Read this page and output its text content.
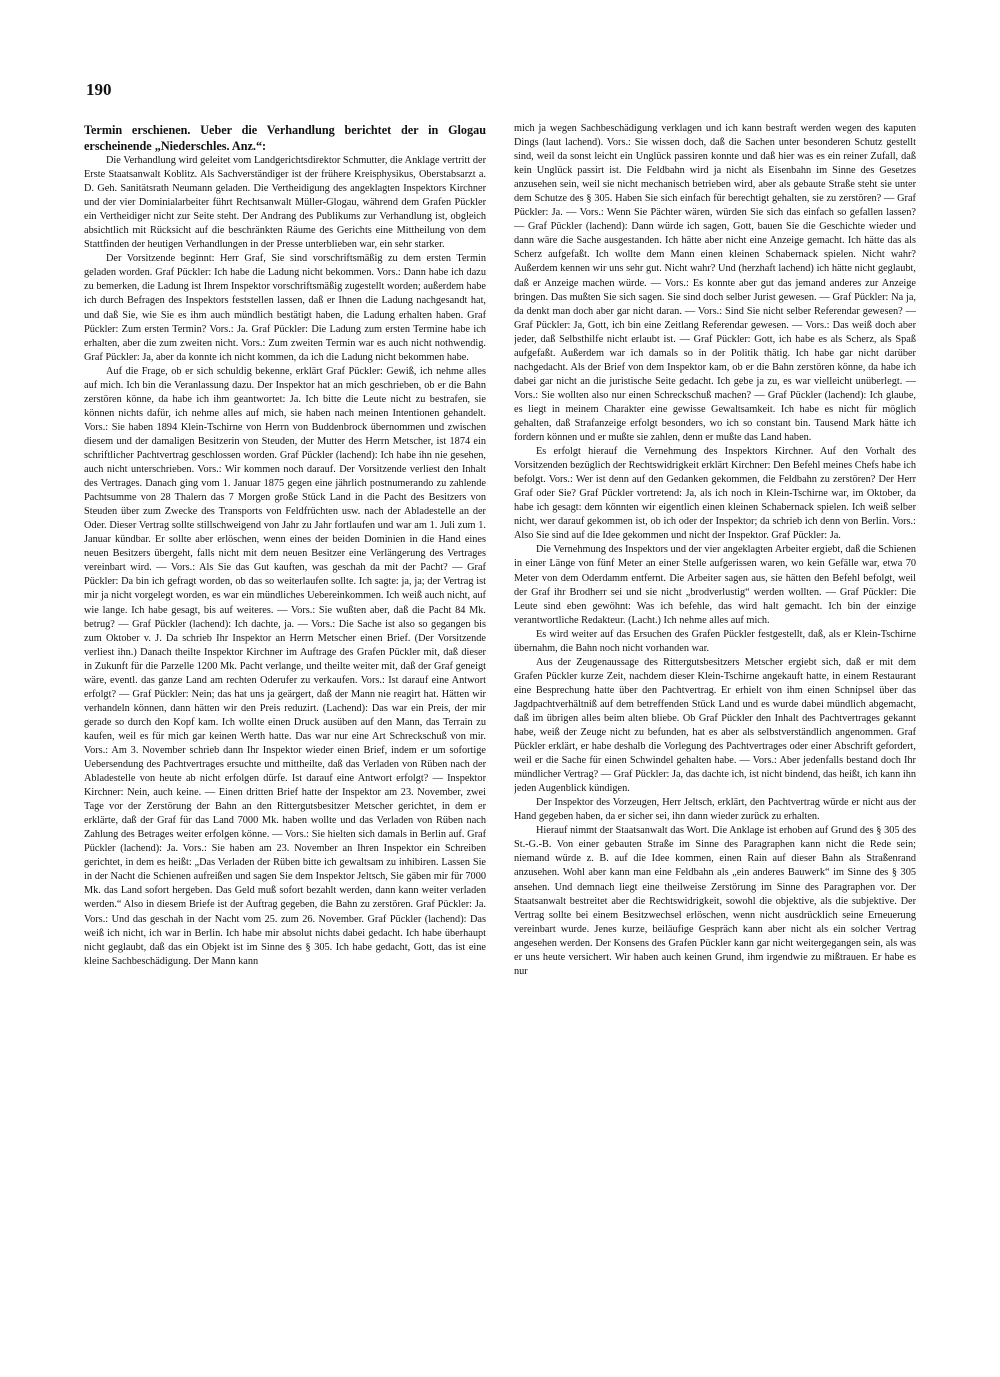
190

Termin erschienen. Ueber die Verhandlung berichtet der in Glogau erscheinende „Niederschles. Anz.“:

Die Verhandlung wird geleitet vom Landgerichtsdirektor Schmutter, die Anklage vertritt der Erste Staatsanwalt Koblitz. Als Sachverständiger ist der frühere Kreisphysikus, Oberstabsarzt a. D. Geh. Sanitätsrath Neumann geladen. Die Vertheidigung des angeklagten Inspektors Kirchner und der vier Dominialarbeiter führt Rechtsanwalt Müller-Glogau, während dem Grafen Pückler ein Vertheidiger nicht zur Seite steht. Der Andrang des Publikums zur Verhandlung ist, obgleich absichtlich mit Rücksicht auf die beschränkten Räume des Gerichts eine Mittheilung von dem Stattfinden der heutigen Verhandlungen in der Presse unterblieben war, ein sehr starker.

Der Vorsitzende beginnt: Herr Graf, Sie sind vorschriftsmäßig zu dem ersten Termin geladen worden. Graf Pückler: Ich habe die Ladung nicht bekommen. Vors.: Dann habe ich dazu zu bemerken, die Ladung ist Ihrem Inspektor vorschriftsmäßig zugestellt worden; außerdem habe ich durch Befragen des Inspektors feststellen lassen, daß er Ihnen die Ladung nachgesandt hat, und daß Sie, wie Sie es ihm auch mündlich bestätigt haben, die Ladung erhalten haben. Graf Pückler: Zum ersten Termin? Vors.: Ja. Graf Pückler: Die Ladung zum ersten Termine habe ich erhalten, aber die zum zweiten nicht. Vors.: Zum zweiten Termin war es auch nicht nothwendig. Graf Pückler: Ja, aber da konnte ich nicht kommen, da ich die Ladung nicht bekommen habe.

Auf die Frage, ob er sich schuldig bekenne, erklärt Graf Pückler: Gewiß, ich nehme alles auf mich. Ich bin die Veranlassung dazu. Der Inspektor hat an mich geschrieben, ob er die Bahn zerstören könne, da habe ich ihm geantwortet: Ja. Ich bitte die Leute nicht zu bestrafen, sie können nichts dafür, ich nehme alles auf mich, sie haben nach meinen Intentionen gehandelt. Vors.: Sie haben 1894 Klein-Tschirne von Herrn von Buddenbrock übernommen und zwischen diesem und der damaligen Besitzerin von Steuden, der Mutter des Herrn Metscher, ist 1874 ein schriftlicher Pachtvertrag geschlossen worden. Graf Pückler (lachend): Ich habe ihn nie gesehen, auch nicht unterschrieben. Vors.: Wir kommen noch darauf. Der Vorsitzende verliest den Inhalt des Vertrages. Danach ging vom 1. Januar 1875 gegen eine jährlich postnumerando zu zahlende Pachtsumme von 28 Thalern das 7 Morgen große Stück Land in die Pacht des Besitzers von Steuden über zum Zwecke des Transports von Feldfrüchten usw. nach der Abladestelle an der Oder. Dieser Vertrag sollte stillschweigend von Jahr zu Jahr fortlaufen und war am 1. Juli zum 1. Januar kündbar. Er sollte aber erlöschen, wenn eines der beiden Dominien in die Hand eines neuen Besitzers übergeht, falls nicht mit dem neuen Besitzer eine Verlängerung des Vertrages vereinbart wird. — Vors.: Als Sie das Gut kauften, was geschah da mit der Pacht? — Graf Pückler: Da bin ich gefragt worden, ob das so weiterlaufen sollte. Ich sagte: ja, ja; der Vertrag ist mir ja nicht vorgelegt worden, es war ein mündliches Uebereinkommen. Ich weiß auch nicht, auf wie lange. Ich habe gesagt, bis auf weiteres. — Vors.: Sie wußten aber, daß die Pacht 84 Mk. betrug? — Graf Pückler (lachend): Ich dachte, ja. — Vors.: Die Sache ist also so gegangen bis zum Oktober v. J. Da schrieb Ihr Inspektor an Herrn Metscher einen Brief. (Der Vorsitzende verliest ihn.) Danach theilte Inspektor Kirchner im Auftrage des Grafen Pückler mit, daß dieser in Zukunft für die Parzelle 1200 Mk. Pacht verlange, und theilte weiter mit, daß der Graf geneigt wäre, eventl. das ganze Land am rechten Oderufer zu verkaufen. Vors.: Ist darauf eine Antwort erfolgt? — Graf Pückler: Nein; das hat uns ja geärgert, daß der Mann nie reagirt hat. Hätten wir verhandeln können, dann hätten wir den Preis reduzirt. (Lachend): Das war ein Preis, der mir gerade so durch den Kopf kam. Ich wollte einen Druck ausüben auf den Mann, das Terrain zu kaufen, weil es für mich gar keinen Werth hatte. Das war nur eine Art Schreckschuß von mir. Vors.: Am 3. November schrieb dann Ihr Inspektor wieder einen Brief, indem er um sofortige Uebersendung des Pachtvertrages ersuchte und mittheilte, daß das Verladen von Rüben nach der Abladestelle von heute ab nicht erfolgen dürfe. Ist darauf eine Antwort erfolgt? — Inspektor Kirchner: Nein, auch keine. — Einen dritten Brief hatte der Inspektor am 23. November, zwei Tage vor der Zerstörung der Bahn an den Rittergutsbesitzer Metscher gerichtet, in dem er erklärte, daß der Graf für das Land 7000 Mk. haben wollte und das Verladen von Rüben nach Zahlung des Betrages weiter erfolgen könne. — Vors.: Sie hielten sich damals in Berlin auf. Graf Pückler (lachend): Ja. Vors.: Sie haben am 23. November an Ihren Inspektor ein Schreiben gerichtet, in dem es heißt: „Das Verladen der Rüben bitte ich gewaltsam zu inhibiren. Lassen Sie in der Nacht die Schienen aufreißen und sagen Sie dem Inspektor Jeltsch, Sie gäben mir für 7000 Mk. das Land sofort hergeben. Das Geld muß sofort bezahlt werden, dann kann weiter verladen werden.“ Also in diesem Briefe ist der Auftrag gegeben, die Bahn zu zerstören. Graf Pückler: Ja. Vors.: Und das geschah in der Nacht vom 25. zum 26. November. Graf Pückler (lachend): Das weiß ich nicht, ich war in Berlin. Ich habe mir absolut nichts dabei gedacht. Ich habe überhaupt nicht geglaubt, daß das ein Objekt ist im Sinne des § 305. Ich habe gedacht, Gott, das ist eine kleine Sachbeschädigung. Der Mann kann

mich ja wegen Sachbeschädigung verklagen und ich kann bestraft werden wegen des kaputen Dings (laut lachend). Vors.: Sie wissen doch, daß die Sachen unter besonderen Schutz gestellt sind, weil da sonst leicht ein Unglück passiren konnte und daß hier was es ein reiner Zufall, daß kein Unglück passirt ist. Die Feldbahn wird ja nicht als Eisenbahn im Sinne des Gesetzes anzusehen sein, weil sie nicht mechanisch betrieben wird, aber als gebaute Straße steht sie unter dem Schutze des § 305. Haben Sie sich einfach für berechtigt gehalten, sie zu zerstören? — Graf Pückler: Ja. — Vors.: Wenn Sie Pächter wären, würden Sie sich das einfach so gefallen lassen? — Graf Pückler (lachend): Dann würde ich sagen, Gott, bauen Sie die Geschichte wieder und dann wäre die Sache ausgestanden. Ich hätte aber nicht eine Anzeige gemacht. Ich hätte das als Scherz aufgefaßt. Ich wollte dem Mann einen kleinen Schabernack spielen. Nicht wahr? Außerdem kennen wir uns sehr gut. Nicht wahr? Und (herzhaft lachend) ich hätte nicht geglaubt, daß er Anzeige machen würde. — Vors.: Es konnte aber gut das jemand anderes zur Anzeige bringen. Das mußten Sie sich sagen. Sie sind doch selber Jurist gewesen. — Graf Pückler: Na ja, da denkt man doch aber gar nicht daran. — Vors.: Sind Sie nicht selber Referendar gewesen? — Graf Pückler: Ja, Gott, ich bin eine Zeitlang Referendar gewesen. — Vors.: Das weiß doch aber jeder, daß Selbsthilfe nicht erlaubt ist. — Graf Pückler: Gott, ich habe es als Scherz, als Spaß aufgefaßt. Außerdem war ich damals so in der Politik thätig. Ich habe gar nicht darüber nachgedacht. Als der Brief von dem Inspektor kam, ob er die Bahn zerstören könne, da habe ich dabei gar nicht an die juristische Seite gedacht. Ich gebe ja zu, es war vielleicht unüberlegt. — Vors.: Sie wollten also nur einen Schreckschuß machen? — Graf Pückler (lachend): Ich glaube, es liegt in meinem Charakter eine gewisse Gewaltsamkeit. Ich habe es nicht für möglich gehalten, daß Strafanzeige erfolgt besonders, wo ich so constant bin. Tausend Mark hätte ich fordern können und er mußte sie zahlen, denn er mußte das Land haben.

Es erfolgt hierauf die Vernehmung des Inspektors Kirchner. Auf den Vorhalt des Vorsitzenden bezüglich der Rechtswidrigkeit erklärt Kirchner: Den Befehl meines Chefs habe ich befolgt. Vors.: Wer ist denn auf den Gedanken gekommen, die Feldbahn zu zerstören? Der Herr Graf oder Sie? Graf Pückler vortretend: Ja, als ich noch in Klein-Tschirne war, im Oktober, da habe ich gesagt: dem könnten wir eigentlich einen kleinen Schabernack spielen. Ich weiß selber nicht, wer darauf gekommen ist, ob ich oder der Inspektor; da schrieb ich denn von Berlin. Vors.: Also Sie sind auf die Idee gekommen und nicht der Inspektor. Graf Pückler: Ja.

Die Vernehmung des Inspektors und der vier angeklagten Arbeiter ergiebt, daß die Schienen in einer Länge von fünf Meter an einer Stelle aufgerissen waren, wo kein Gefälle war, etwa 70 Meter von dem Oderdamm entfernt. Die Arbeiter sagen aus, sie hätten den Befehl befolgt, weil der Graf ihr Brodherr sei und sie nicht „brodverlustig“ werden wollten. — Graf Pückler: Die Leute sind eben gewöhnt: Was ich befehle, das wird halt gemacht. Ich bin der einzige verantwortliche Redakteur. (Lacht.) Ich nehme alles auf mich.

Es wird weiter auf das Ersuchen des Grafen Pückler festgestellt, daß, als er Klein-Tschirne übernahm, die Bahn noch nicht vorhanden war.

Aus der Zeugenaussage des Rittergutsbesitzers Metscher ergiebt sich, daß er mit dem Grafen Pückler kurze Zeit, nachdem dieser Klein-Tschirne angekauft hatte, in einem Restaurant eine Besprechung hatte über den Pachtvertrag. Er erhielt von ihm einen Schnipsel über das Jagdpachtverhältniß auf dem betreffenden Stück Land und es wurde dabei mündlich abgemacht, daß im übrigen alles beim alten bliebe. Ob Graf Pückler den Inhalt des Pachtvertrages gekannt habe, weiß der Zeuge nicht zu befunden, hat es aber als selbstverständlich angenommen. Graf Pückler erklärt, er habe deshalb die Vorlegung des Pachtvertrages oder einer Abschrift gefordert, weil er die Sache für einen Schwindel gehalten habe. — Vors.: Aber jedenfalls bestand doch Ihr mündlicher Vertrag? — Graf Pückler: Ja, das dachte ich, ist nicht bindend, das heißt, ich kann ihn jeden Augenblick kündigen.

Der Inspektor des Vorzeugen, Herr Jeltsch, erklärt, den Pachtvertrag würde er nicht aus der Hand gegeben haben, da er sicher sei, ihn dann wieder zurück zu erhalten.

Hierauf nimmt der Staatsanwalt das Wort. Die Anklage ist erhoben auf Grund des § 305 des St.-G.-B. Von einer gebauten Straße im Sinne des Paragraphen kann nicht die Rede sein; niemand würde z. B. auf die Idee kommen, einen Rain auf dieser Bahn als Straßenrand anzusehen. Wohl aber kann man eine Feldbahn als „ein anderes Bauwerk“ im Sinne des § 305 ansehen. Und demnach liegt eine theilweise Zerstörung im Sinne des Paragraphen vor. Der Staatsanwalt bestreitet aber die Rechtswidrigkeit, sowohl die objektive, als die subjektive. Der Vertrag sollte bei einem Besitzwechsel erlöschen, wenn nicht ausdrücklich seine Erneuerung vereinbart wurde. Jenes kurze, beiläufige Gespräch kann aber nicht als ein solcher Vertrag angesehen werden. Der Konsens des Grafen Pückler kann gar nicht weitergegangen sein, als was er uns heute versichert. Wir haben auch keinen Grund, ihm irgendwie zu mißtrauen. Er habe es nur
